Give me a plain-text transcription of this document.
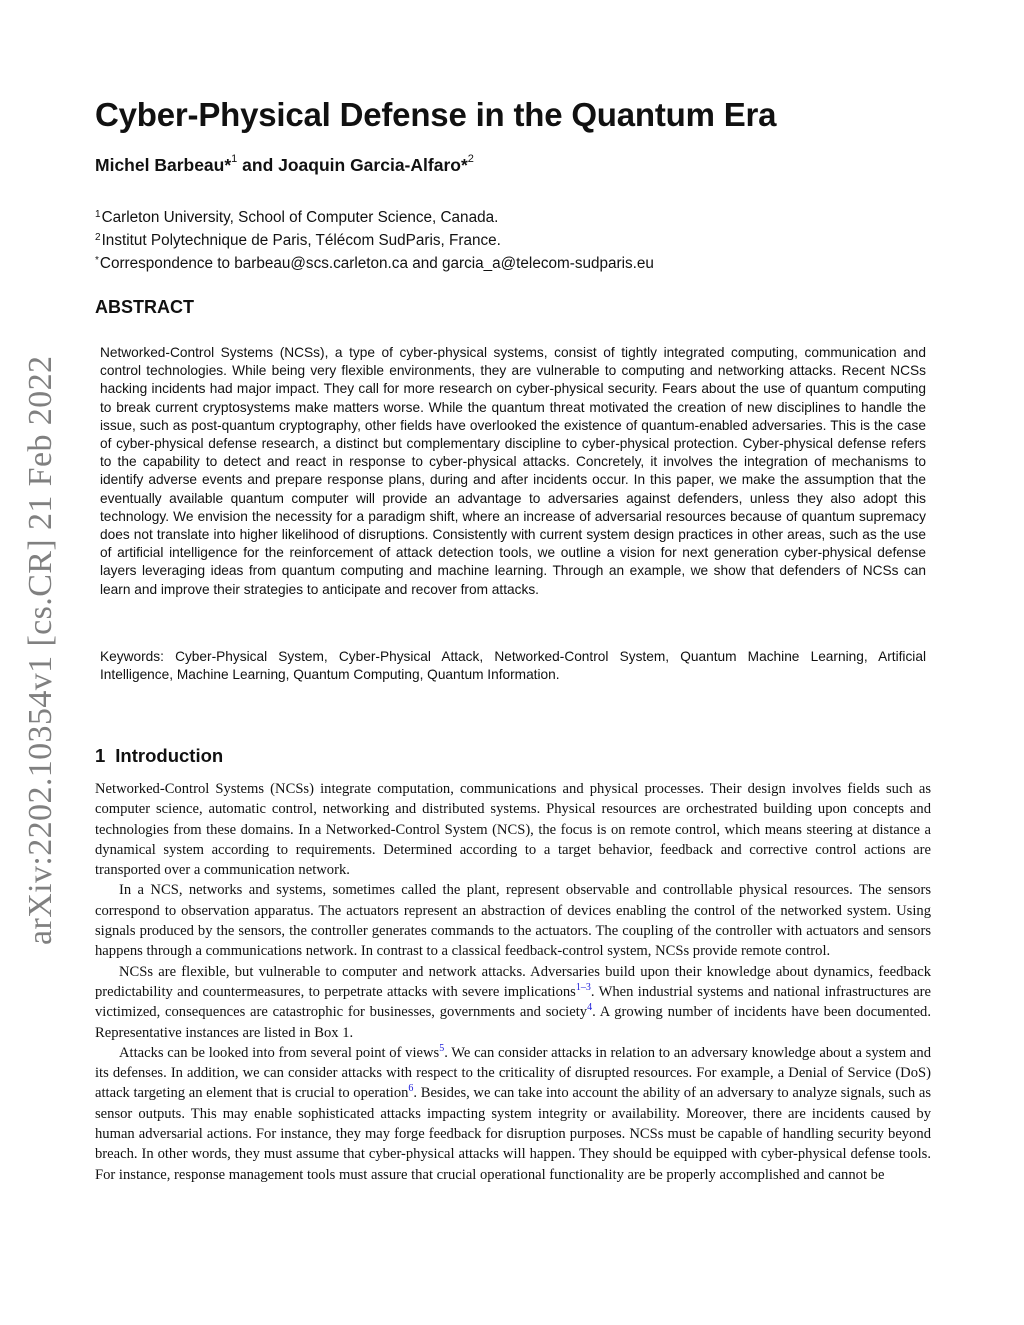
arXiv:2202.10354v1 [cs.CR] 21 Feb 2022
Cyber-Physical Defense in the Quantum Era
Michel Barbeau*$^1$ and Joaquin Garcia-Alfaro*$^2$
$^1$Carleton University, School of Computer Science, Canada.
$^2$Institut Polytechnique de Paris, Télécom SudParis, France.
*Correspondence to barbeau@scs.carleton.ca and garcia_a@telecom-sudparis.eu
ABSTRACT

Networked-Control Systems (NCSs), a type of cyber-physical systems, consist of tightly integrated computing, communication and control technologies. While being very flexible environments, they are vulnerable to computing and networking attacks. Recent NCSs hacking incidents had major impact. They call for more research on cyber-physical security. Fears about the use of quantum computing to break current cryptosystems make matters worse. While the quantum threat motivated the creation of new disciplines to handle the issue, such as post-quantum cryptography, other fields have overlooked the existence of quantum-enabled adversaries. This is the case of cyber-physical defense research, a distinct but complementary discipline to cyber-physical protection. Cyber-physical defense refers to the capability to detect and react in response to cyber-physical attacks. Concretely, it involves the integration of mechanisms to identify adverse events and prepare response plans, during and after incidents occur. In this paper, we make the assumption that the eventually available quantum computer will provide an advantage to adversaries against defenders, unless they also adopt this technology. We envision the necessity for a paradigm shift, where an increase of adversarial resources because of quantum supremacy does not translate into higher likelihood of disruptions. Consistently with current system design practices in other areas, such as the use of artificial intelligence for the reinforcement of attack detection tools, we outline a vision for next generation cyber-physical defense layers leveraging ideas from quantum computing and machine learning. Through an example, we show that defenders of NCSs can learn and improve their strategies to anticipate and recover from attacks.

Keywords: Cyber-Physical System, Cyber-Physical Attack, Networked-Control System, Quantum Machine Learning, Artificial Intelligence, Machine Learning, Quantum Computing, Quantum Information.

1 Introduction

Networked-Control Systems (NCSs) integrate computation, communications and physical processes. Their design involves fields such as computer science, automatic control, networking and distributed systems. Physical resources are orchestrated building upon concepts and technologies from these domains. In a Networked-Control System (NCS), the focus is on remote control, which means steering at distance a dynamical system according to requirements. Determined according to a target behavior, feedback and corrective control actions are transported over a communication network.

In a NCS, networks and systems, sometimes called the plant, represent observable and controllable physical resources. The sensors correspond to observation apparatus. The actuators represent an abstraction of devices enabling the control of the networked system. Using signals produced by the sensors, the controller generates commands to the actuators. The coupling of the controller with actuators and sensors happens through a communications network. In contrast to a classical feedback-control system, NCSs provide remote control.

NCSs are flexible, but vulnerable to computer and network attacks. Adversaries build upon their knowledge about dynamics, feedback predictability and countermeasures, to perpetrate attacks with severe implications$^{1-3}$. When industrial systems and national infrastructures are victimized, consequences are catastrophic for businesses, governments and society$^4$. A growing number of incidents have been documented. Representative instances are listed in Box 1.

Attacks can be looked into from several point of views$^5$. We can consider attacks in relation to an adversary knowledge about a system and its defenses. In addition, we can consider attacks with respect to the criticality of disrupted resources. For example, a Denial of Service (DoS) attack targeting an element that is crucial to operation$^6$. Besides, we can take into account the ability of an adversary to analyze signals, such as sensor outputs. This may enable sophisticated attacks impacting system integrity or availability. Moreover, there are incidents caused by human adversarial actions. For instance, they may forge feedback for disruption purposes. NCSs must be capable of handling security beyond breach. In other words, they must assume that cyber-physical attacks will happen. They should be equipped with cyber-physical defense tools. For instance, response management tools must assure that crucial operational functionality are be properly accomplished and cannot be
